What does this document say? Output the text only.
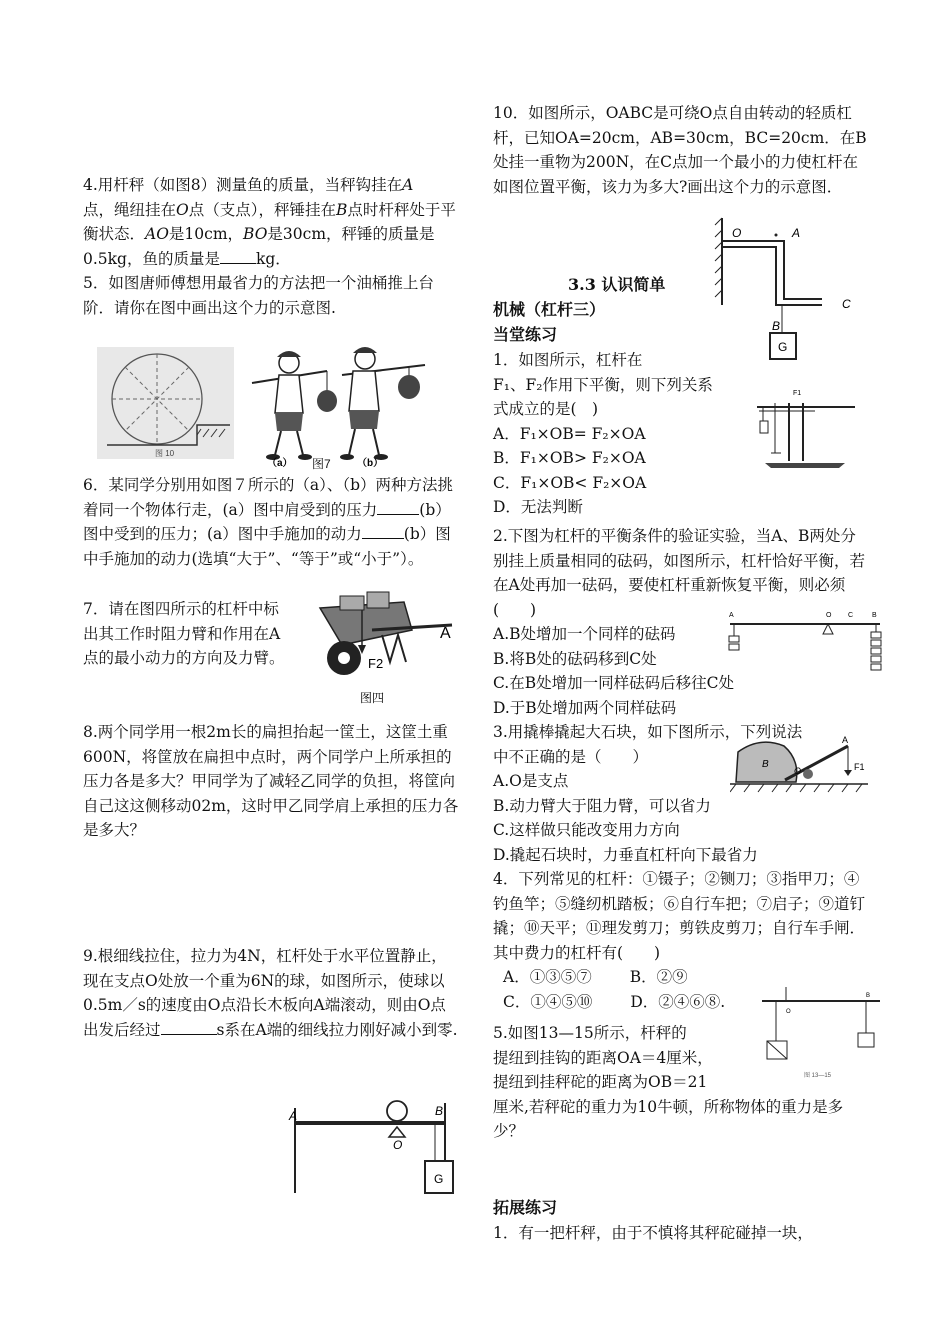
4.用杆秤（如图8）测量鱼的质量，当秤钩挂在A
点，绳纽挂在O点（支点），秤锤挂在B点时杆秤处于平衡状态．AO是10cm，BO是30cm，秤锤的质量是0.5kg，鱼的质量是 kg．

5．如图唐师傅想用最省力的方法把一个油桶推上台阶．请你在图中画出这个力的示意图.

图 10
（a）	（b）
图7

6．某同学分别用如图７所示的（a）、（b）两种方法挑着同一个物体行走，(a）图中肩受到的压力	(b）图中受到的压力；(a）图中手施加的动力	(b）图中手施加的动力(选填“大于”、“等于”或“小于”）。

7．请在图四所示的杠杆中标出其工作时阻力臂和作用在A点的最小动力的方向及力臂。
A
F2
图四
8.两个同学用一根2m长的扁担抬起一筐土，这筐土重600N，将筐放在扁担中点时，两个同学户上所承担的压力各是多大？甲同学为了减轻乙同学的负担，将筐向自己这这侧移动02m，这时甲乙同学肩上承担的压力各是多大？

9.根细线拉住，拉力为4N，杠杆处于水平位置静止，现在支点O处放一个重为6N的球，如图所示，使球以0.5m／s的速度由O点沿长木板向A端滚动，则由O点出发后经过	s系在A端的细线拉力刚好减小到零.

G
A	B
O
10．如图所示，OABC是可绕O点自由转动的轻质杠杆，已知OA=20cm，AB=30cm，BC=20cm．在B处挂一重物为200N，在C点加一个最小的力使杠杆在如图位置平衡，该力为多大?画出这个力的示意图．
O	A
C
B
G
3.3 认识简单
机械（杠杆三）
当堂练习

1．如图所示，杠杆在

F₁、F₂作用下平衡，则下列关系

式成立的是(　)

A．F₁×OB= F₂×OA

B．F₁×OB> F₂×OA

C．F₁×OB< F₂×OA

D．无法判断

F1

2.下图为杠杆的平衡条件的验证实验，当A、B两处分别挂上质量相同的砝码，如图所示，杠杆恰好平衡，若在A处再加一砝码，要使杠杆重新恢复平衡，则必须(　　)

A.B处增加一个同样的砝码

B.将B处的砝码移到C处

C.在B处增加一同样砝码后移往C处

D.于B处增加两个同样砝码

A	O C	B

3.用撬棒撬起大石块，如下图所示，下列说法

中不正确的是（　　）

A.O是支点

B.动力臂大于阻力臂，可以省力

C.这样做只能改变用力方向

D.撬起石块时，力垂直杠杆向下最省力

B
O
A
F1

4．下列常见的杠杆：①镊子；②铡刀；③指甲刀；④钓鱼竿；⑤缝纫机踏板；⑥自行车把；⑦启子；⑨道钉撬；⑩天平；⑪理发剪刀；剪铁皮剪刀；自行车手闸．其中费力的杠杆有(　　)

A．①③⑤⑦ B．②⑨

C．①④⑤⑩ D．②④⑥⑧.

O
B
图 13—15

5.如图13—15所示，杆秤的

提纽到挂钩的距离OA＝4厘米，

提纽到挂秤砣的距离为OB＝21

厘米,若秤砣的重力为10牛顿，所称物体的重力是多少？

拓展练习
1．有一把杆秤，由于不慎将其秤砣碰掉一块，
